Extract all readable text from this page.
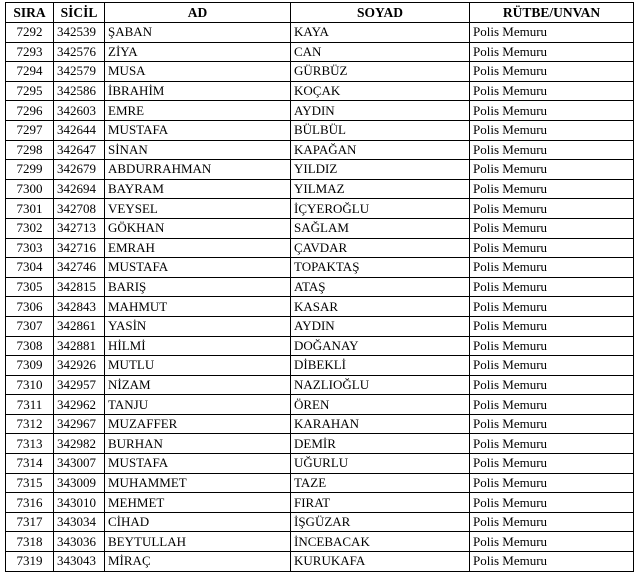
SIRA	SİCİL	AD	SOYAD	RÜTBE/UNVAN
7292	342539	ŞABAN	KAYA	Polis Memuru
7293	342576	ZİYA	CAN	Polis Memuru
7294	342579	MUSA	GÜRBÜZ	Polis Memuru
7295	342586	İBRAHİM	KOÇAK	Polis Memuru
7296	342603	EMRE	AYDIN	Polis Memuru
7297	342644	MUSTAFA	BÜLBÜL	Polis Memuru
7298	342647	SİNAN	KAPAĞAN	Polis Memuru
7299	342679	ABDURRAHMAN	YILDIZ	Polis Memuru
7300	342694	BAYRAM	YILMAZ	Polis Memuru
7301	342708	VEYSEL	İÇYEROĞLU	Polis Memuru
7302	342713	GÖKHAN	SAĞLAM	Polis Memuru
7303	342716	EMRAH	ÇAVDAR	Polis Memuru
7304	342746	MUSTAFA	TOPAKTAŞ	Polis Memuru
7305	342815	BARIŞ	ATAŞ	Polis Memuru
7306	342843	MAHMUT	KASAR	Polis Memuru
7307	342861	YASİN	AYDIN	Polis Memuru
7308	342881	HİLMİ	DOĞANAY	Polis Memuru
7309	342926	MUTLU	DİBEKLİ	Polis Memuru
7310	342957	NİZAM	NAZLIOĞLU	Polis Memuru
7311	342962	TANJU	ÖREN	Polis Memuru
7312	342967	MUZAFFER	KARAHAN	Polis Memuru
7313	342982	BURHAN	DEMİR	Polis Memuru
7314	343007	MUSTAFA	UĞURLU	Polis Memuru
7315	343009	MUHAMMET	TAZE	Polis Memuru
7316	343010	MEHMET	FIRAT	Polis Memuru
7317	343034	CİHAD	İŞGÜZAR	Polis Memuru
7318	343036	BEYTULLAH	İNCEBACAK	Polis Memuru
7319	343043	MİRAÇ	KURUKAFA	Polis Memuru
